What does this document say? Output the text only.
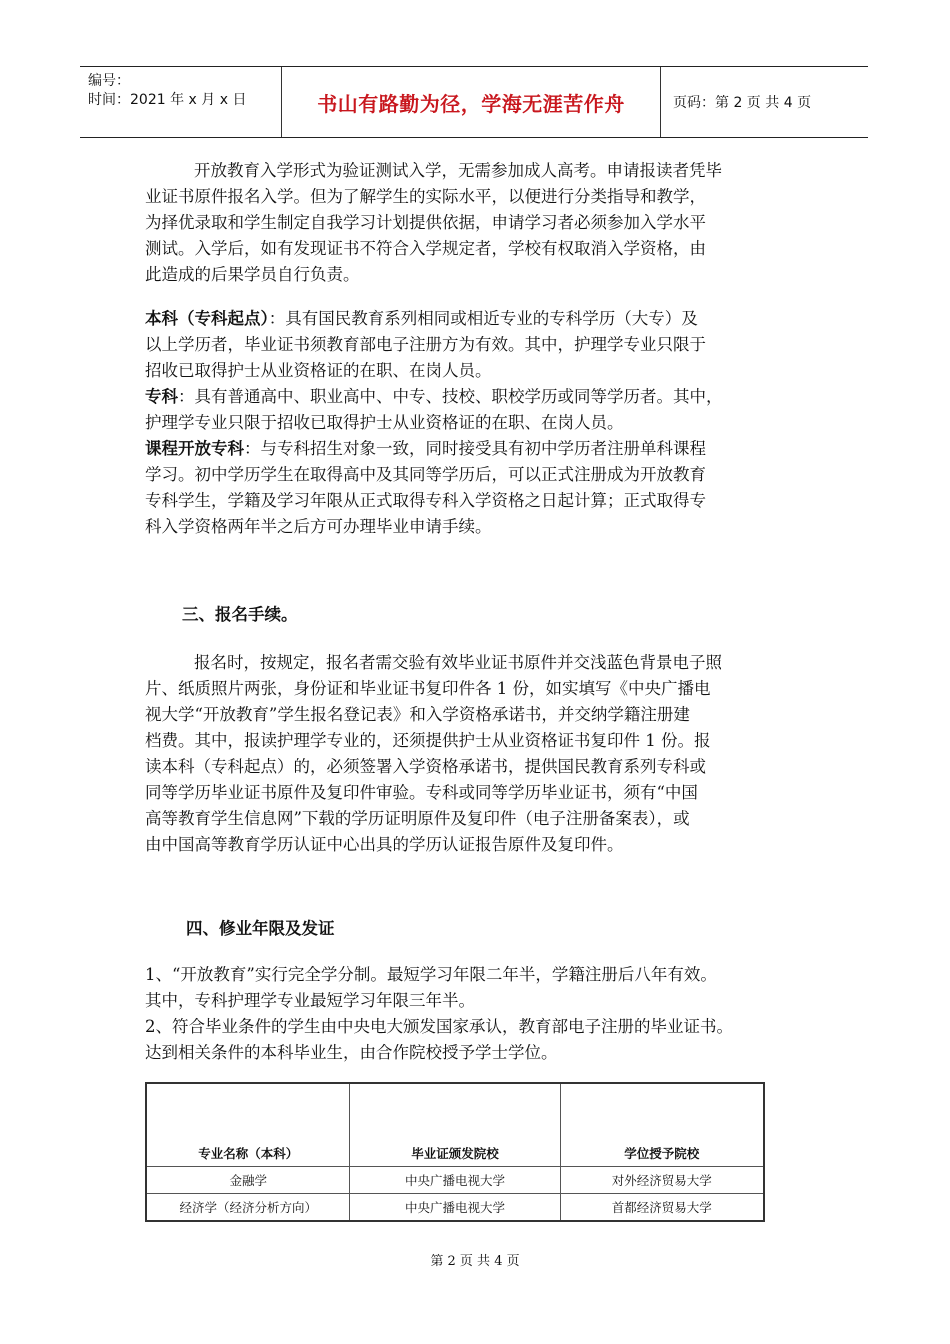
编号：
时间：2021 年 x 月 x 日	书山有路勤为径，学海无涯苦作舟	页码：第 2 页 共 4 页

开放教育入学形式为验证测试入学，无需参加成人高考。申请报读者凭毕

业证书原件报名入学。但为了解学生的实际水平，以便进行分类指导和教学，

为择优录取和学生制定自我学习计划提供依据，申请学习者必须参加入学水平

测试。入学后，如有发现证书不符合入学规定者，学校有权取消入学资格，由

此造成的后果学员自行负责。

本科（专科起点）：具有国民教育系列相同或相近专业的专科学历（大专）及

以上学历者，毕业证书须教育部电子注册方为有效。其中，护理学专业只限于

招收已取得护士从业资格证的在职、在岗人员。

专科：具有普通高中、职业高中、中专、技校、职校学历或同等学历者。其中，

护理学专业只限于招收已取得护士从业资格证的在职、在岗人员。

课程开放专科：与专科招生对象一致，同时接受具有初中学历者注册单科课程

学习。初中学历学生在取得高中及其同等学历后，可以正式注册成为开放教育

专科学生，学籍及学习年限从正式取得专科入学资格之日起计算；正式取得专

科入学资格两年半之后方可办理毕业申请手续。

三、报名手续。

报名时，按规定，报名者需交验有效毕业证书原件并交浅蓝色背景电子照

片、纸质照片两张，身份证和毕业证书复印件各 1 份，如实填写《中央广播电

视大学“开放教育”学生报名登记表》和入学资格承诺书，并交纳学籍注册建

档费。其中，报读护理学专业的，还须提供护士从业资格证书复印件 1 份。报

读本科（专科起点）的，必须签署入学资格承诺书，提供国民教育系列专科或

同等学历毕业证书原件及复印件审验。专科或同等学历毕业证书，须有“中国

高等教育学生信息网”下载的学历证明原件及复印件（电子注册备案表），或

由中国高等教育学历认证中心出具的学历认证报告原件及复印件。

四、修业年限及发证

1、“开放教育”实行完全学分制。最短学习年限二年半，学籍注册后八年有效。

其中，专科护理学专业最短学习年限三年半。

2、符合毕业条件的学生由中央电大颁发国家承认，教育部电子注册的毕业证书。

达到相关条件的本科毕业生，由合作院校授予学士学位。

专业名称（本科）	毕业证颁发院校	学位授予院校
金融学	中央广播电视大学	对外经济贸易大学
经济学（经济分析方向）	中央广播电视大学	首都经济贸易大学
第 2 页 共 4 页
